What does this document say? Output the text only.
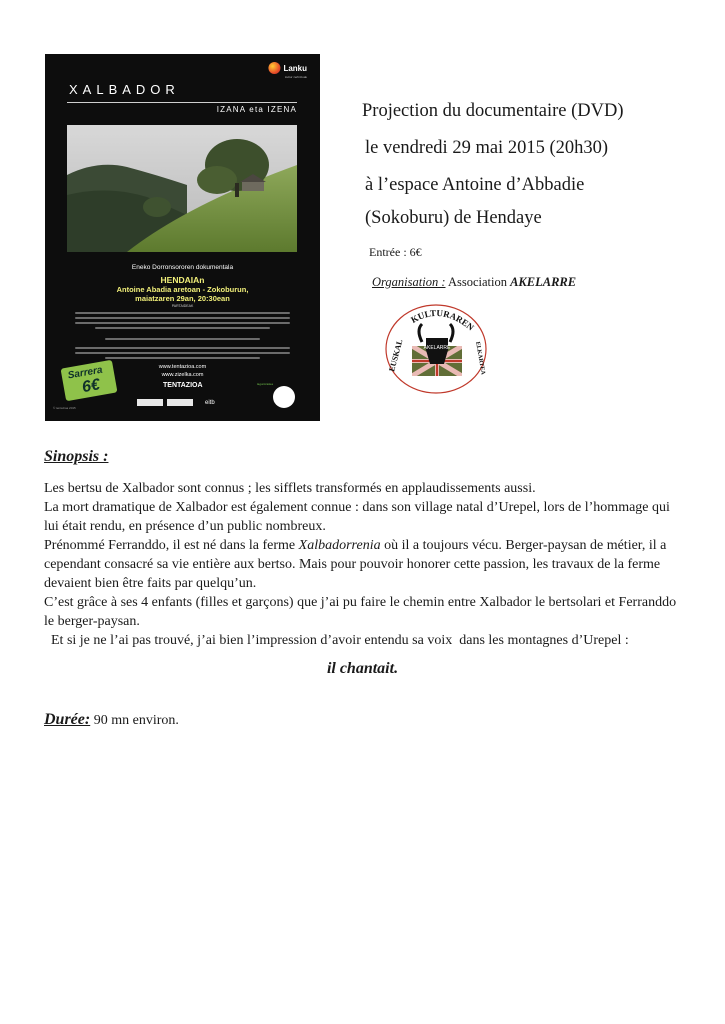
Lanku
kultur zerbitzuak
XALBADOR
IZANA eta IZENA
Eneko Dorronsororen dokumentala
HENDAIAn
Antoine Abadia aretoan - Zokoburun,
maiatzaren 29an, 20:30ean
PARTAIDEAK
Sarrera
6€
www.tentazioa.com
www.zizelka.com
TENTAZIOA
eitb
© tentazioa 2015
laguntzailea
Projection du documentaire (DVD)
le vendredi 29 mai 2015 (20h30)
à l’espace Antoine d’Abbadie
(Sokoburu) de Hendaye
Entrée : 6€
Organisation : Association AKELARRE
KULTURAREN
EUSKAL	ELKARTEA
AKELARRE
Sinopsis :

Les bertsu de Xalbador sont connus ; les sifflets transformés en applaudissements aussi.

La mort dramatique de Xalbador est également connue : dans son village natal d’Urepel, lors de l’hommage qui lui était rendu, en présence d’un public nombreux.

Prénommé Ferranddo, il est né dans la ferme Xalbadorrenia où il a toujours vécu. Berger-paysan de métier, il a cependant consacré sa vie entière aux bertso. Mais pour pouvoir honorer cette passion, les travaux de la ferme devaient bien être faits par quelqu’un.

C’est grâce à ses 4 enfants (filles et garçons) que j’ai pu faire le chemin entre Xalbador le bertsolari et Ferranddo le berger-paysan.

Et si je ne l’ai pas trouvé, j’ai bien l’impression d’avoir entendu sa voix  dans les montagnes d’Urepel :

il chantait.
Durée: 90 mn environ.
